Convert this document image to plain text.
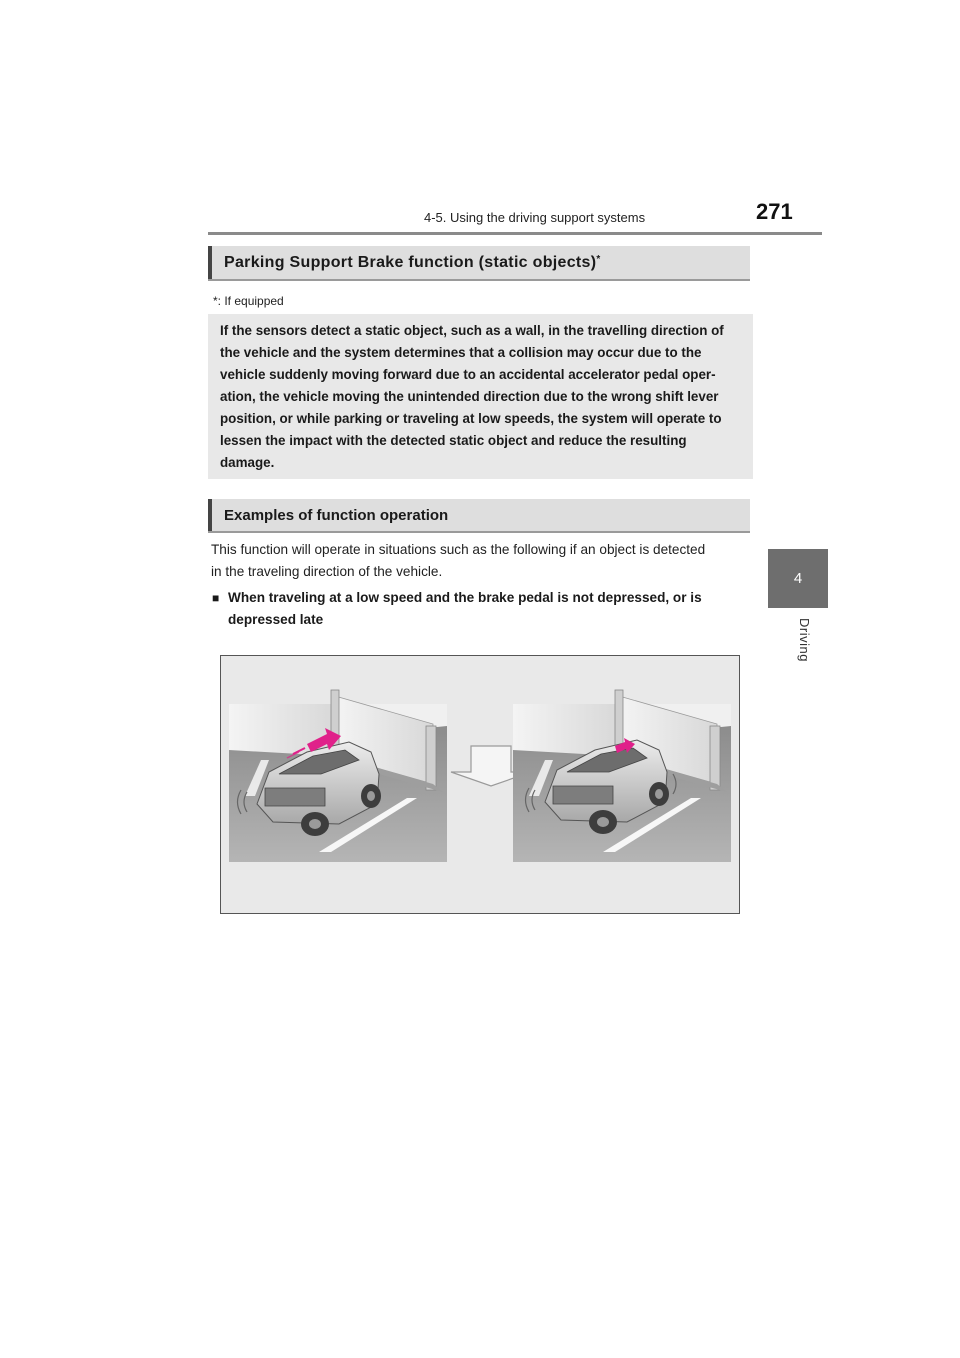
4-5. Using the driving support systems	271
4
Driving
Parking Support Brake function (static objects) *
*: If equipped
If the sensors detect a static object, such as a wall, in the travelling direction of
the vehicle and the system determines that a collision may occur due to the
vehicle suddenly moving forward due to an accidental accelerator pedal oper-
ation, the vehicle moving the unintended direction due to the wrong shift lever
position, or while parking or traveling at low speeds, the system will operate to
lessen the impact with the detected static object and reduce the resulting
damage.
Examples of function operation
This function will operate in situations such as the following if an object is detected
in the traveling direction of the vehicle.
■ When traveling at a low speed and the brake pedal is not depressed, or is
depressed late
